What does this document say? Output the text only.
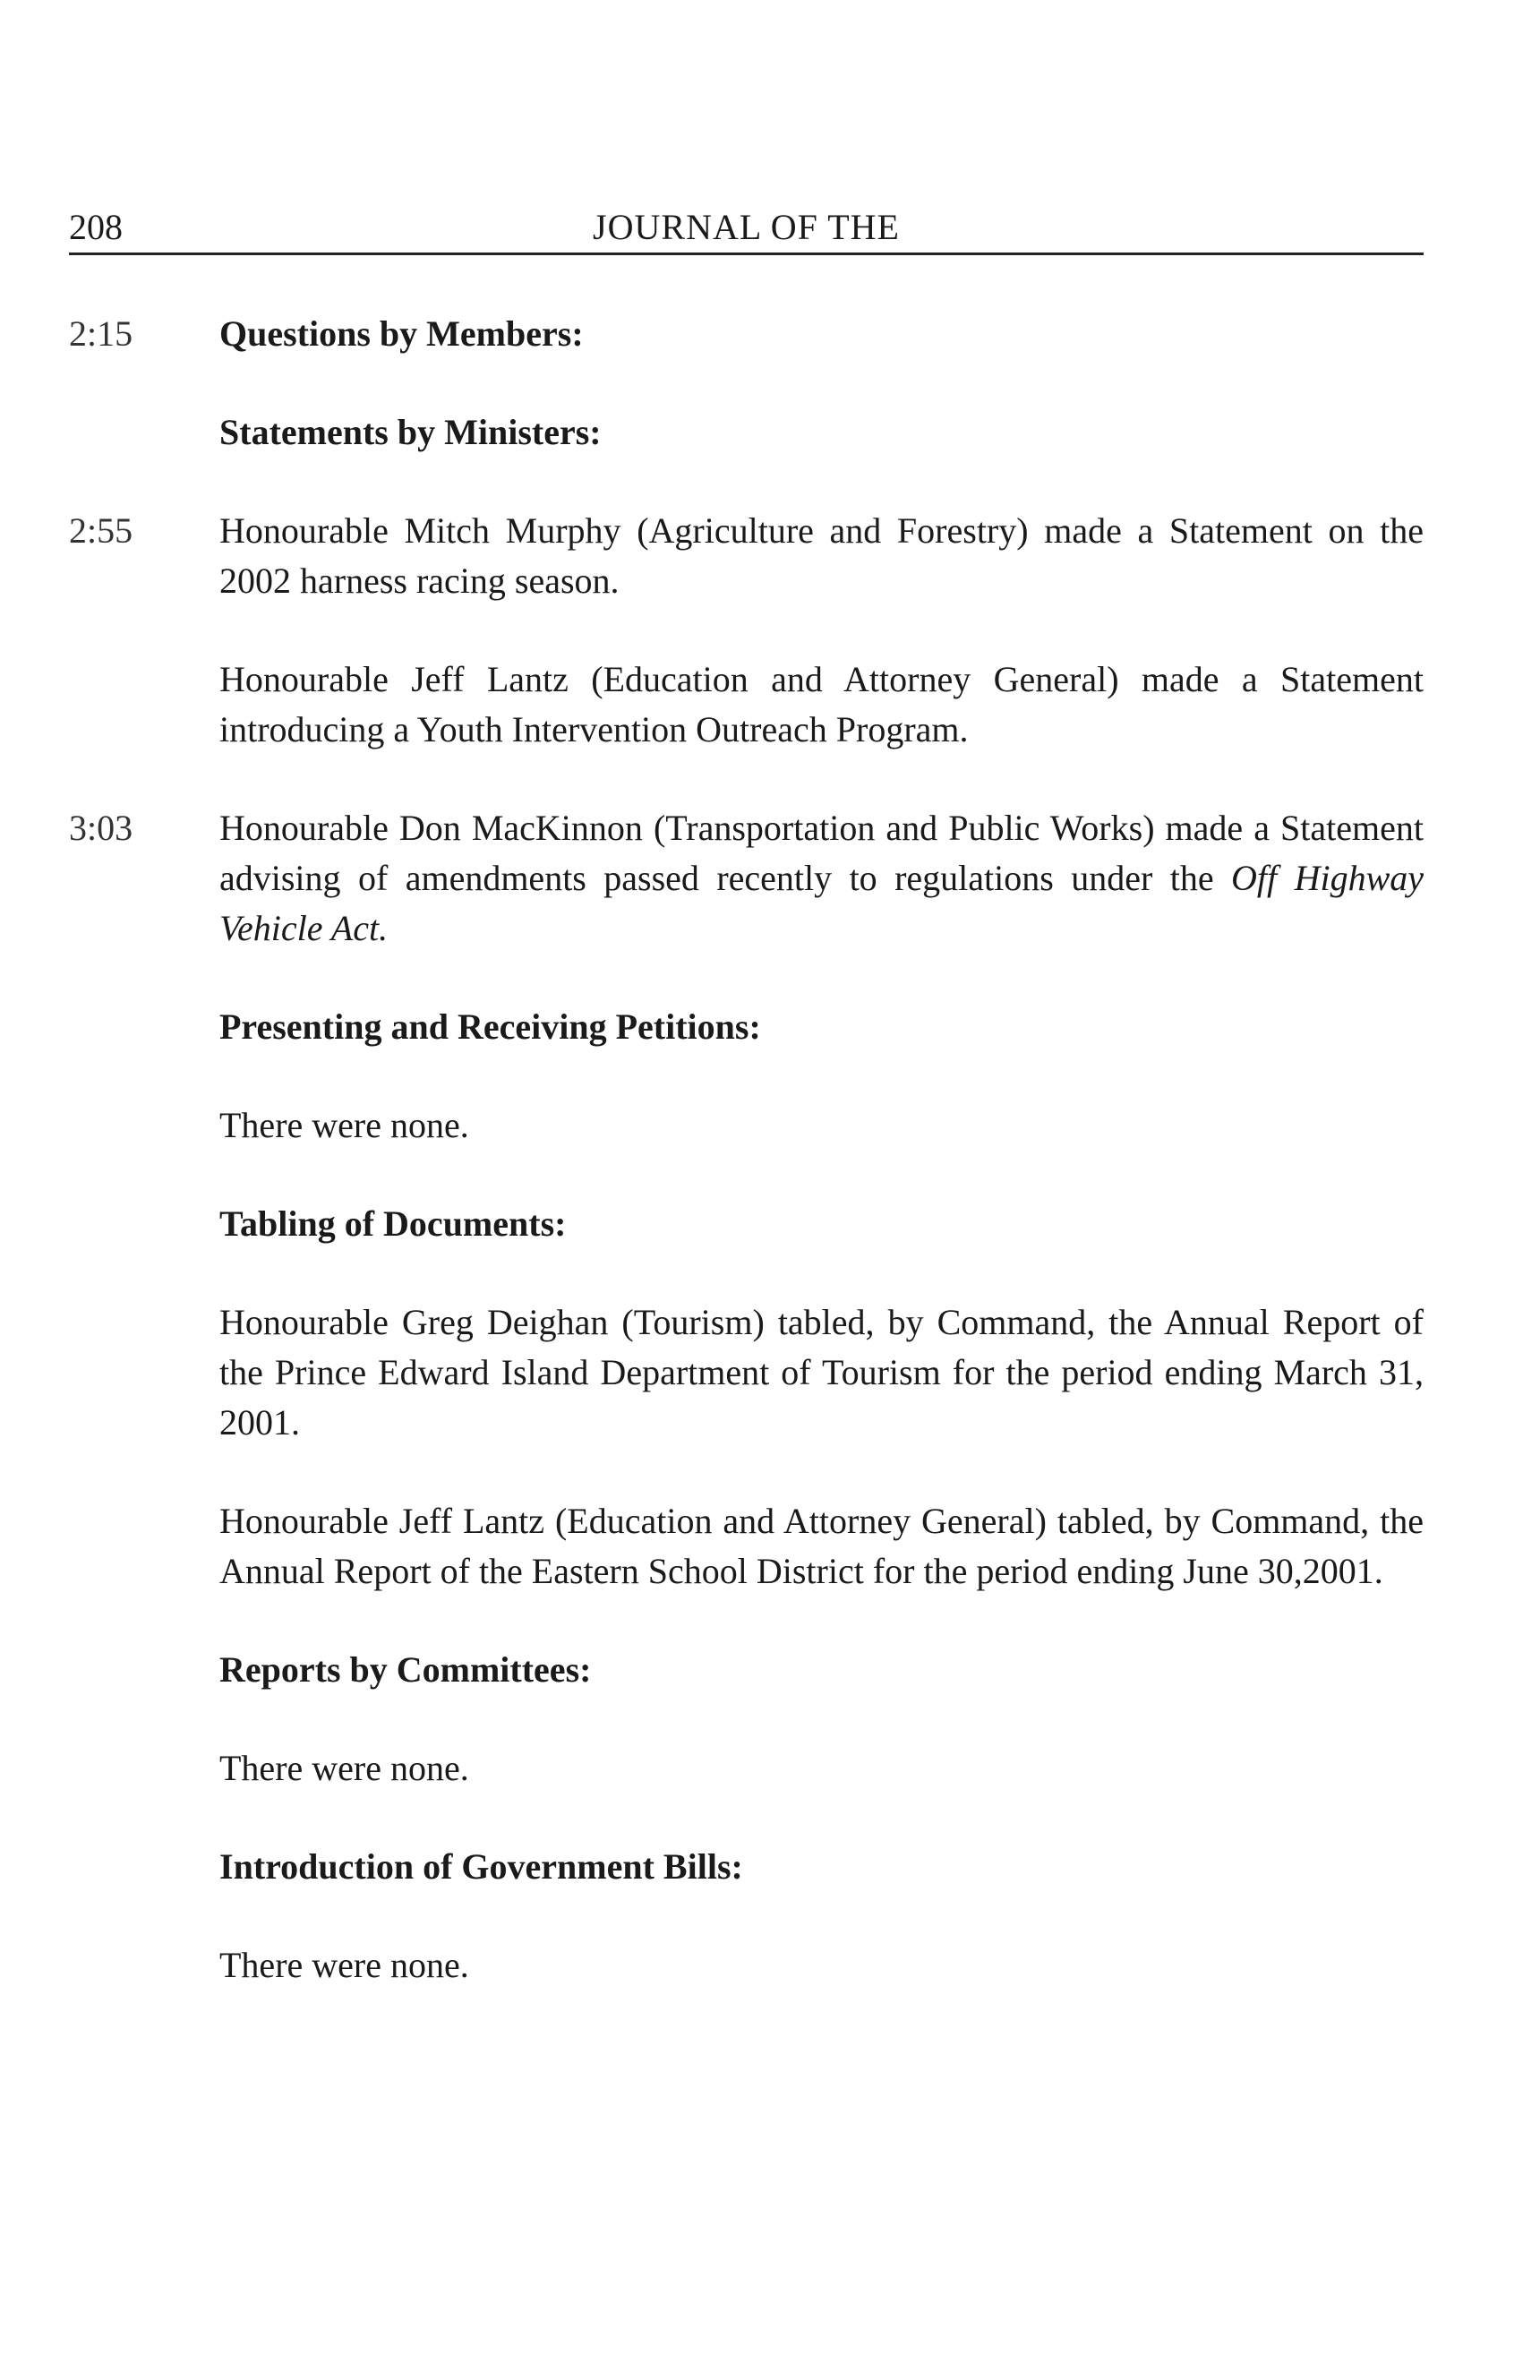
208	JOURNAL OF THE
2:15 Questions by Members:

Statements by Ministers:

2:55 Honourable Mitch Murphy (Agriculture and Forestry) made a Statement on the 2002 harness racing season.

Honourable Jeff Lantz (Education and Attorney General) made a Statement introducing a Youth Intervention Outreach Program.

3:03 Honourable Don MacKinnon (Transportation and Public Works) made a Statement advising of amendments passed recently to regulations under the Off Highway Vehicle Act.

Presenting and Receiving Petitions:

There were none.

Tabling of Documents:

Honourable Greg Deighan (Tourism) tabled, by Command, the Annual Report of the Prince Edward Island Department of Tourism for the period ending March 31, 2001.

Honourable Jeff Lantz (Education and Attorney General) tabled, by Command, the Annual Report of the Eastern School District for the period ending June 30,2001.

Reports by Committees:

There were none.

Introduction of Government Bills:

There were none.
